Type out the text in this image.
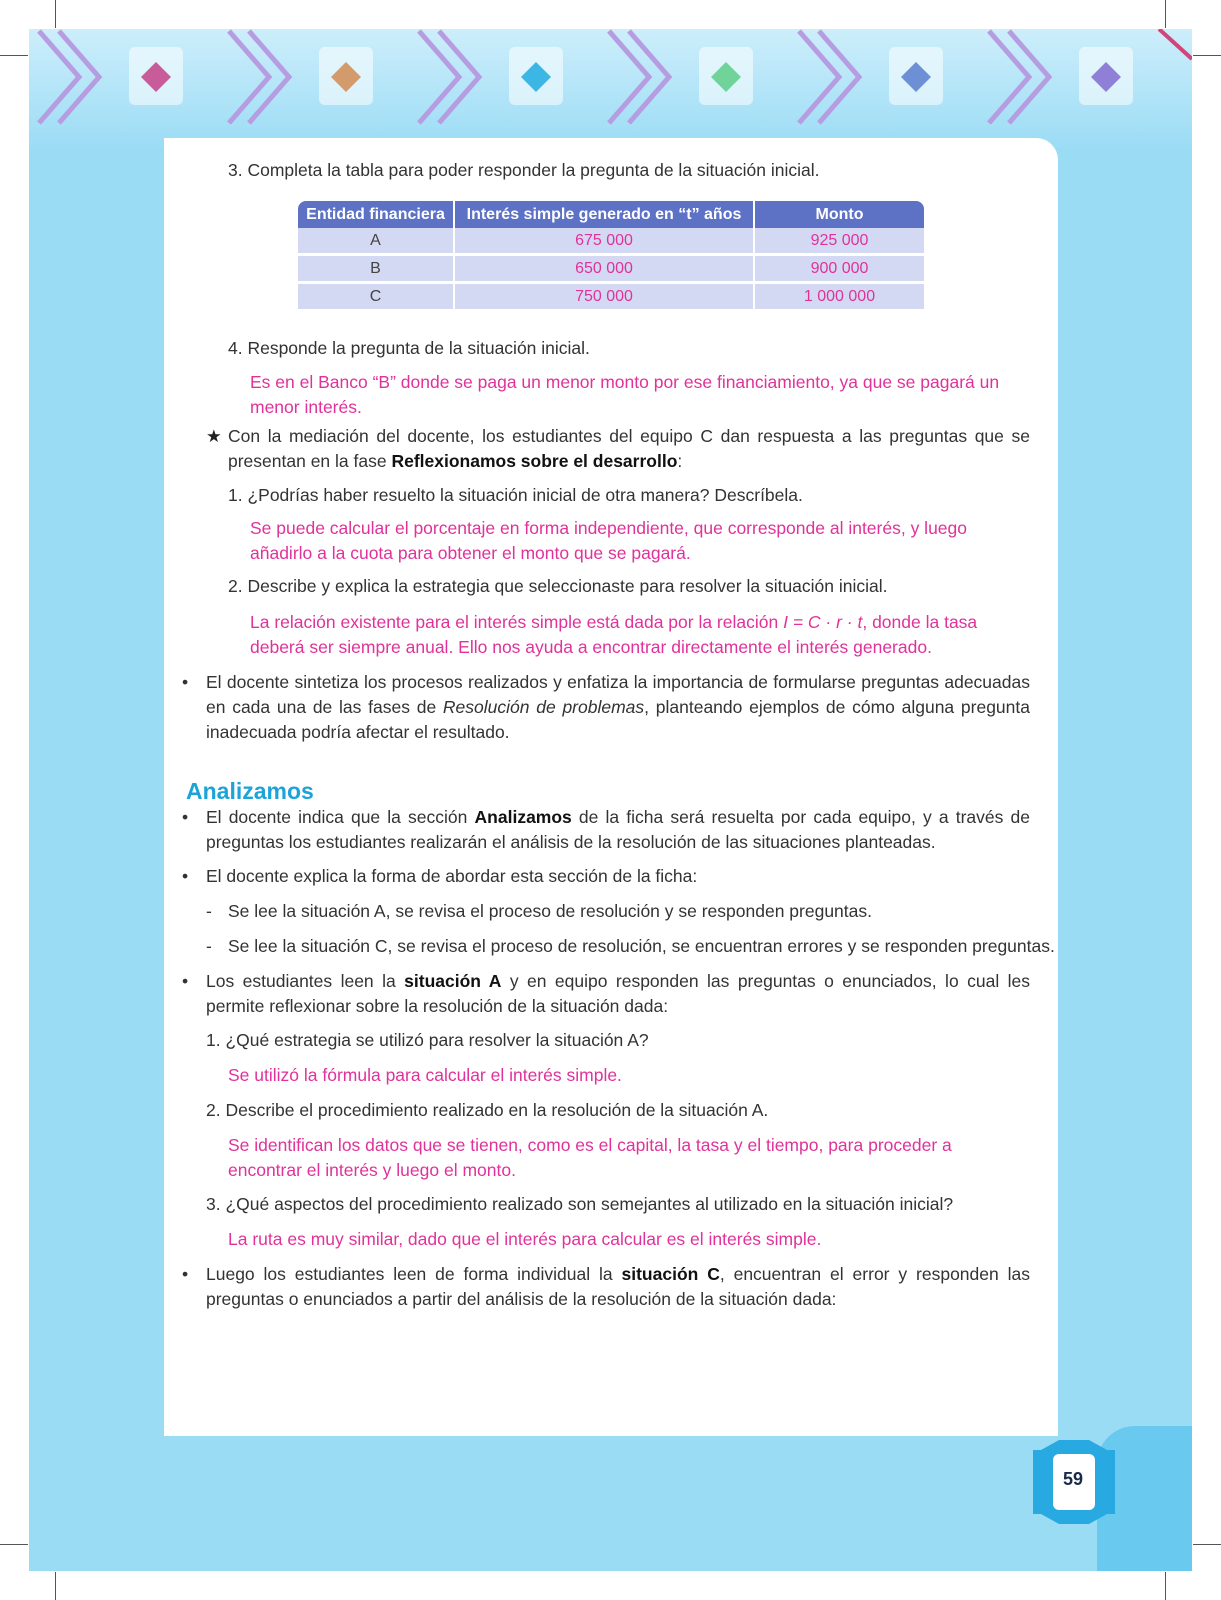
3. Completa la tabla para poder responder la pregunta de la situación inicial.
Entidad financiera	Interés simple generado en “t” años	Monto
A	675 000	925 000
B	650 000	900 000
C	750 000	1 000 000
4. Responde la pregunta de la situación inicial.
Es en el Banco “B” donde se paga un menor monto por ese financiamiento, ya que se pagará un menor interés.
★ Con la mediación del docente, los estudiantes del equipo C dan respuesta a las preguntas que se presentan en la fase Reflexionamos sobre el desarrollo:
1. ¿Podrías haber resuelto la situación inicial de otra manera? Descríbela.
Se puede calcular el porcentaje en forma independiente, que corresponde al interés, y luego añadirlo a la cuota para obtener el monto que se pagará.
2. Describe y explica la estrategia que seleccionaste para resolver la situación inicial.
La relación existente para el interés simple está dada por la relación I = C · r · t, donde la tasa deberá ser siempre anual. Ello nos ayuda a encontrar directamente el interés generado.
• El docente sintetiza los procesos realizados y enfatiza la importancia de formularse preguntas adecuadas en cada una de las fases de Resolución de problemas, planteando ejemplos de cómo alguna pregunta inadecuada podría afectar el resultado.
Analizamos
• El docente indica que la sección Analizamos de la ficha será resuelta por cada equipo, y a través de preguntas los estudiantes realizarán el análisis de la resolución de las situaciones planteadas.
• El docente explica la forma de abordar esta sección de la ficha:
- Se lee la situación A, se revisa el proceso de resolución y se responden preguntas.
- Se lee la situación C, se revisa el proceso de resolución, se encuentran errores y se responden preguntas.
• Los estudiantes leen la situación A y en equipo responden las preguntas o enunciados, lo cual les permite reflexionar sobre la resolución de la situación dada:
1. ¿Qué estrategia se utilizó para resolver la situación A?
Se utilizó la fórmula para calcular el interés simple.
2. Describe el procedimiento realizado en la resolución de la situación A.
Se identifican los datos que se tienen, como es el capital, la tasa y el tiempo, para proceder a encontrar el interés y luego el monto.
3. ¿Qué aspectos del procedimiento realizado son semejantes al utilizado en la situación inicial?
La ruta es muy similar, dado que el interés para calcular es el interés simple.
• Luego los estudiantes leen de forma individual la situación C, encuentran el error y responden las preguntas o enunciados a partir del análisis de la resolución de la situación dada:
59
